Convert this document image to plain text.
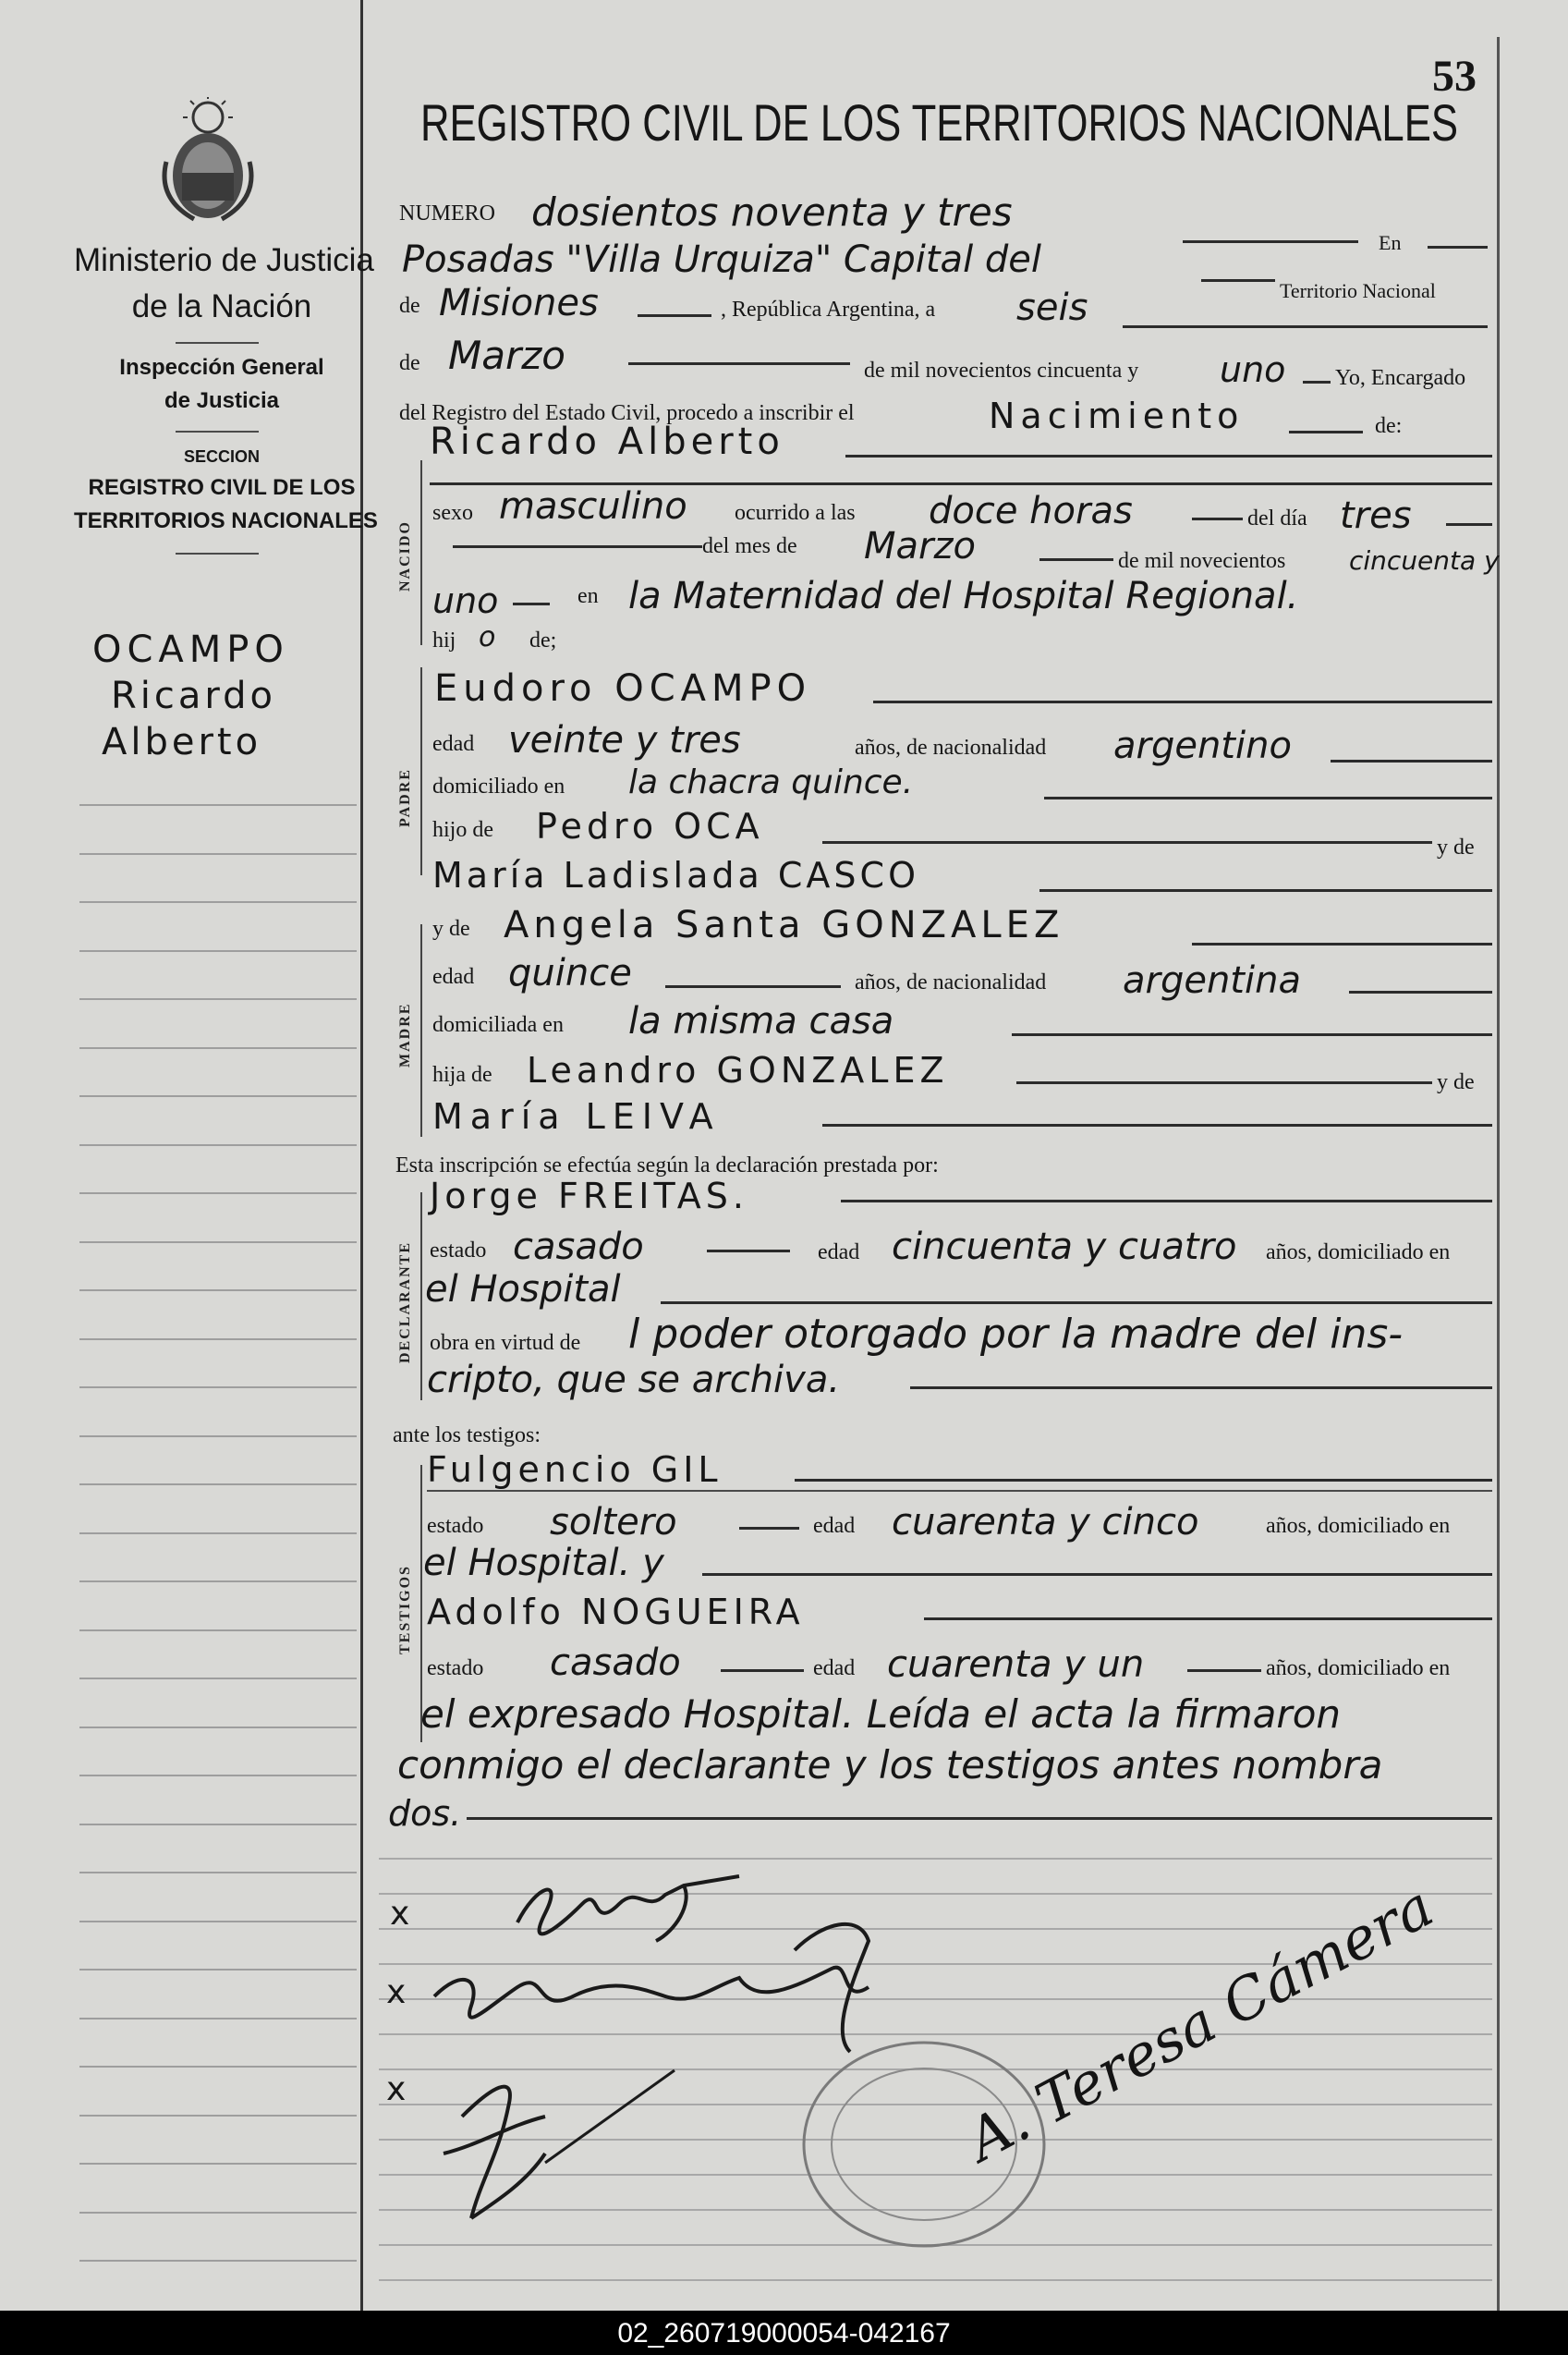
53
Ministerio de Justicia
de la Nación
Inspección General
de Justicia
SECCION
REGISTRO CIVIL DE LOS
TERRITORIOS NACIONALES
OCAMPO
Ricardo
Alberto
REGISTRO CIVIL DE LOS TERRITORIOS NACIONALES
NUMERO dosientos noventa y tres
En
Posadas "Villa Urquiza" Capital del
Territorio Nacional
de Misiones	, República Argentina, a seis
de Marzo	de mil novecientos cincuenta y uno Yo, Encargado
del Registro del Estado Civil, procedo a inscribir el	Nacimiento	de:
NACIDO
Ricardo Alberto
sexo masculino ocurrido a las doce horas	del día tres
del mes de Marzo	de mil novecientos cincuenta y
uno	en la Maternidad del Hospital Regional.
hij o de;
PADRE
Eudoro OCAMPO
edad veinte y tres	años, de nacionalidad argentino
domiciliado en la chacra quince.
hijo de Pedro OCA
y de
María Ladislada CASCO
MADRE
y de Angela Santa GONZALEZ
edad quince	años, de nacionalidad argentina
domiciliada en la misma casa
hija de Leandro GONZALEZ	y de
María LEIVA
Esta inscripción se efectúa según la declaración prestada por:
DECLARANTE
Jorge FREITAS.
estado casado	edad cincuenta y cuatro años, domiciliado en
el Hospital
obra en virtud de l poder otorgado por la madre del ins-
cripto, que se archiva.
ante los testigos:
TESTIGOS
Fulgencio GIL
estado soltero	edad cuarenta y cinco	años, domiciliado en
el Hospital. y
Adolfo NOGUEIRA
estado casado	edad cuarenta y un	años, domiciliado en
el expresado Hospital. Leída el acta la firmaron
conmigo el declarante y los testigos antes nombra
dos.
x
x
x	A. Teresa Cámera
02_260719000054-042167
